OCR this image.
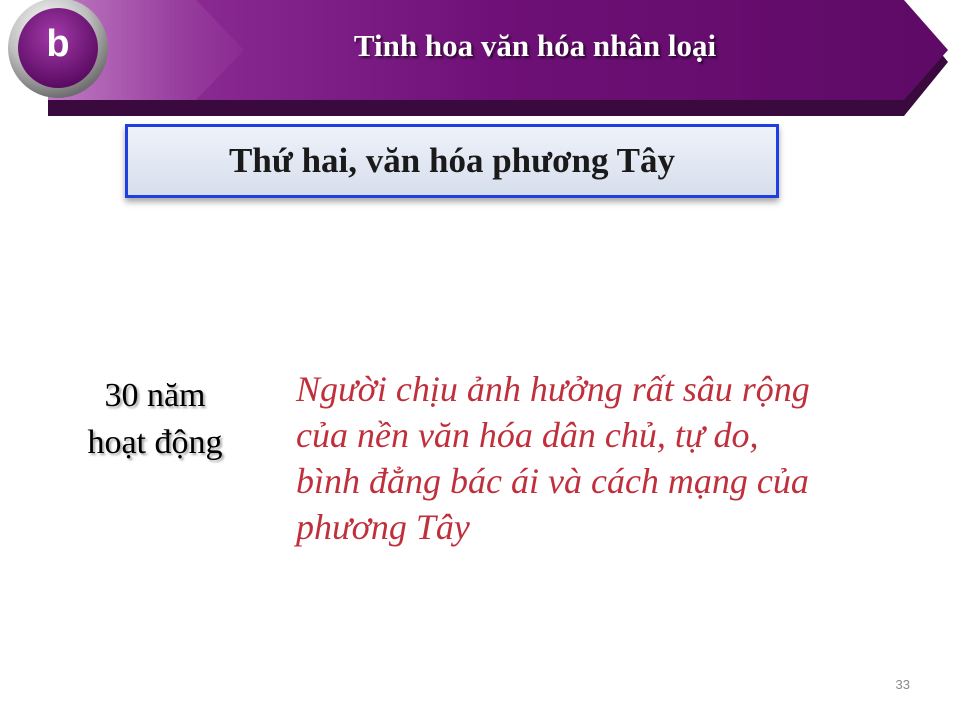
b	Tinh hoa văn hóa nhân loại
Thứ hai, văn hóa phương Tây
30 năm
hoạt động
Người chịu ảnh hưởng rất sâu rộng
của nền văn hóa dân chủ, tự do,
bình đẳng bác ái và cách mạng của
phương Tây
33
